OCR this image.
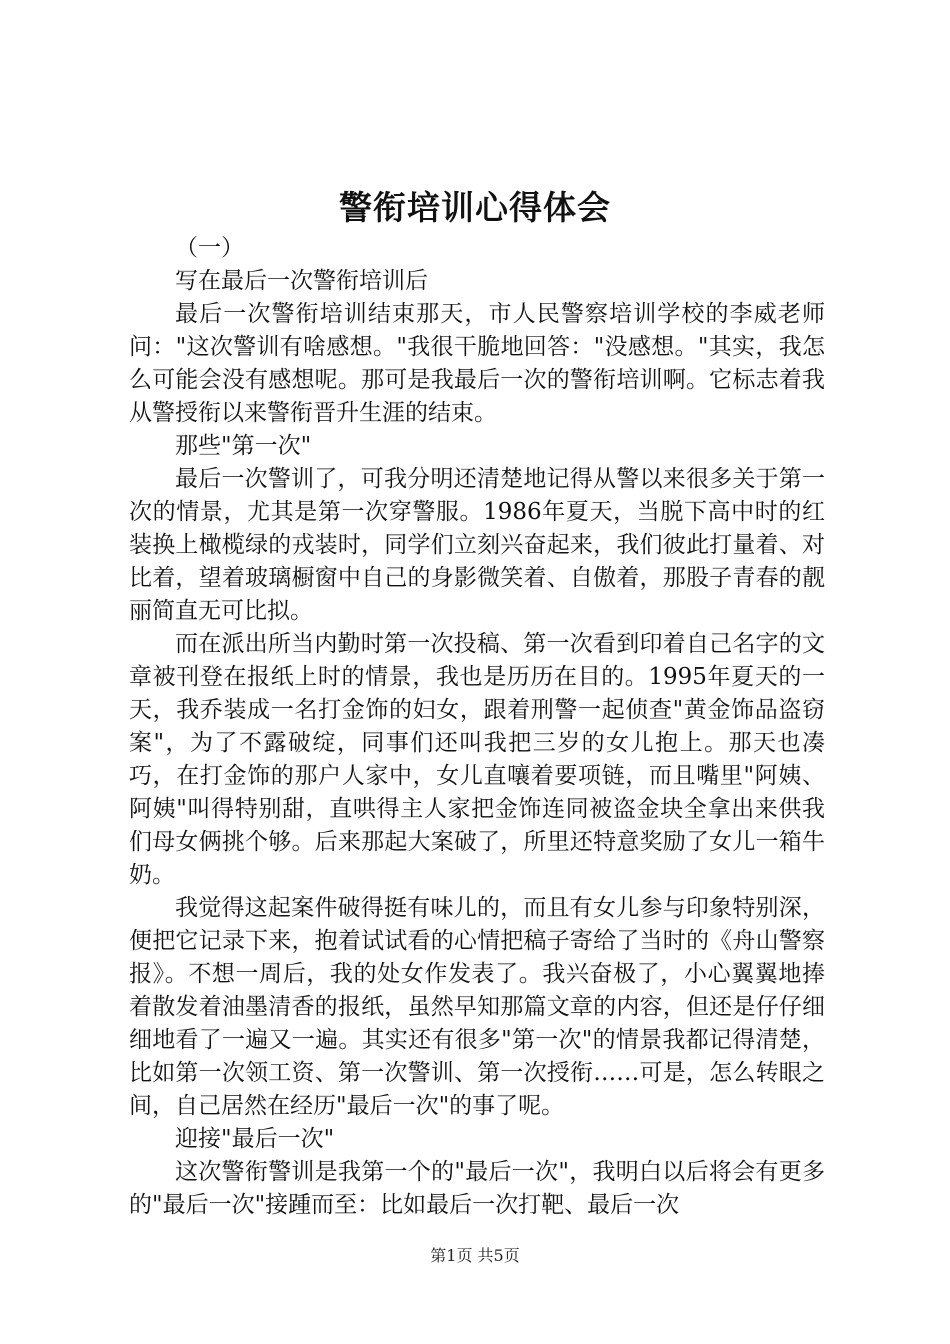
警衔培训心得体会

（一）

写在最后一次警衔培训后

最后一次警衔培训结束那天，市人民警察培训学校的李威老师问："这次警训有啥感想。"我很干脆地回答："没感想。"其实，我怎么可能会没有感想呢。那可是我最后一次的警衔培训啊。它标志着我从警授衔以来警衔晋升生涯的结束。

那些"第一次"

最后一次警训了，可我分明还清楚地记得从警以来很多关于第一次的情景，尤其是第一次穿警服。1986年夏天，当脱下高中时的红装换上橄榄绿的戎装时，同学们立刻兴奋起来，我们彼此打量着、对比着，望着玻璃橱窗中自己的身影微笑着、自傲着，那股子青春的靓丽简直无可比拟。

而在派出所当内勤时第一次投稿、第一次看到印着自己名字的文章被刊登在报纸上时的情景，我也是历历在目的。1995年夏天的一天，我乔装成一名打金饰的妇女，跟着刑警一起侦查"黄金饰品盗窃案"，为了不露破绽，同事们还叫我把三岁的女儿抱上。那天也凑巧，在打金饰的那户人家中，女儿直嚷着要项链，而且嘴里"阿姨、阿姨"叫得特别甜，直哄得主人家把金饰连同被盗金块全拿出来供我们母女俩挑个够。后来那起大案破了，所里还特意奖励了女儿一箱牛奶。

我觉得这起案件破得挺有味儿的，而且有女儿参与印象特别深，便把它记录下来，抱着试试看的心情把稿子寄给了当时的《舟山警察报》。不想一周后，我的处女作发表了。我兴奋极了，小心翼翼地捧着散发着油墨清香的报纸，虽然早知那篇文章的内容，但还是仔仔细细地看了一遍又一遍。其实还有很多"第一次"的情景我都记得清楚，比如第一次领工资、第一次警训、第一次授衔……可是，怎么转眼之间，自己居然在经历"最后一次"的事了呢。

迎接"最后一次"

这次警衔警训是我第一个的"最后一次"，我明白以后将会有更多的"最后一次"接踵而至：比如最后一次打靶、最后一次

第1页 共5页
